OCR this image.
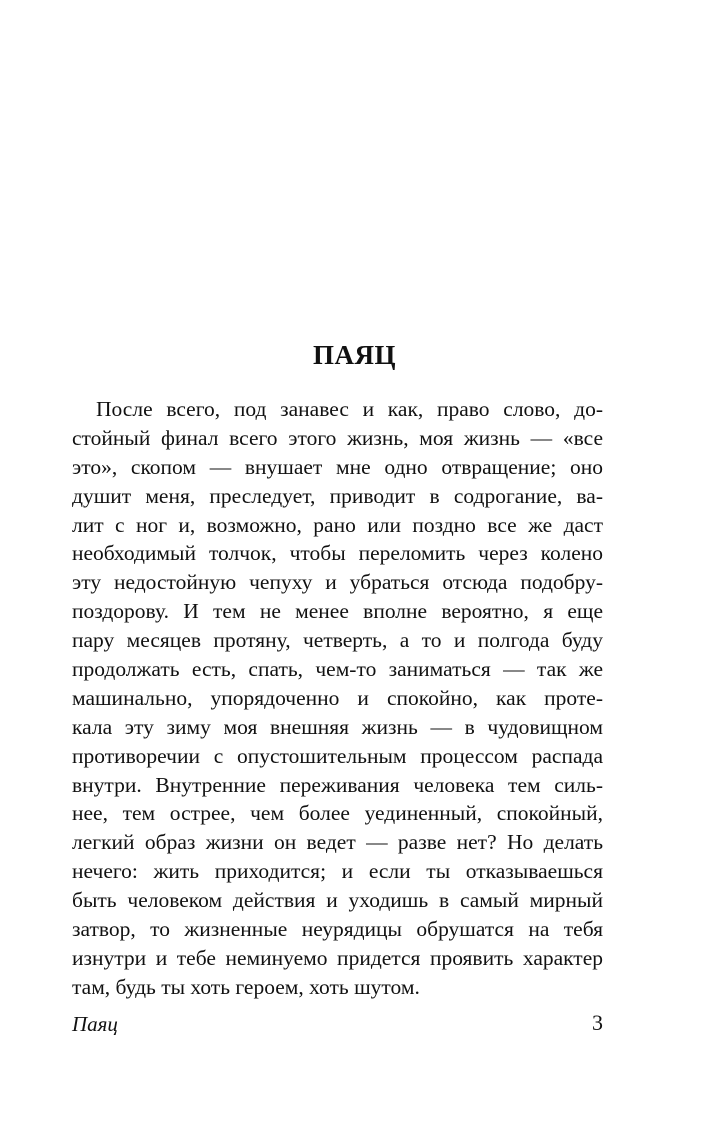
ПАЯЦ
После всего, под занавес и как, право слово, до-
стойный финал всего этого жизнь, моя жизнь — «все
это», скопом — внушает мне одно отвращение; оно
душит меня, преследует, приводит в содрогание, ва-
лит с ног и, возможно, рано или поздно все же даст
необходимый толчок, чтобы переломить через колено
эту недостойную чепуху и убраться отсюда подобру-
поздорову. И тем не менее вполне вероятно, я еще
пару месяцев протяну, четверть, а то и полгода буду
продолжать есть, спать, чем-то заниматься — так же
машинально, упорядоченно и спокойно, как проте-
кала эту зиму моя внешняя жизнь — в чудовищном
противоречии с опустошительным процессом распада
внутри. Внутренние переживания человека тем силь-
нее, тем острее, чем более уединенный, спокойный,
легкий образ жизни он ведет — разве нет? Но делать
нечего: жить приходится; и если ты отказываешься
быть человеком действия и уходишь в самый мирный
затвор, то жизненные неурядицы обрушатся на тебя
изнутри и тебе неминуемо придется проявить характер
там, будь ты хоть героем, хоть шутом.
Паяц	3
